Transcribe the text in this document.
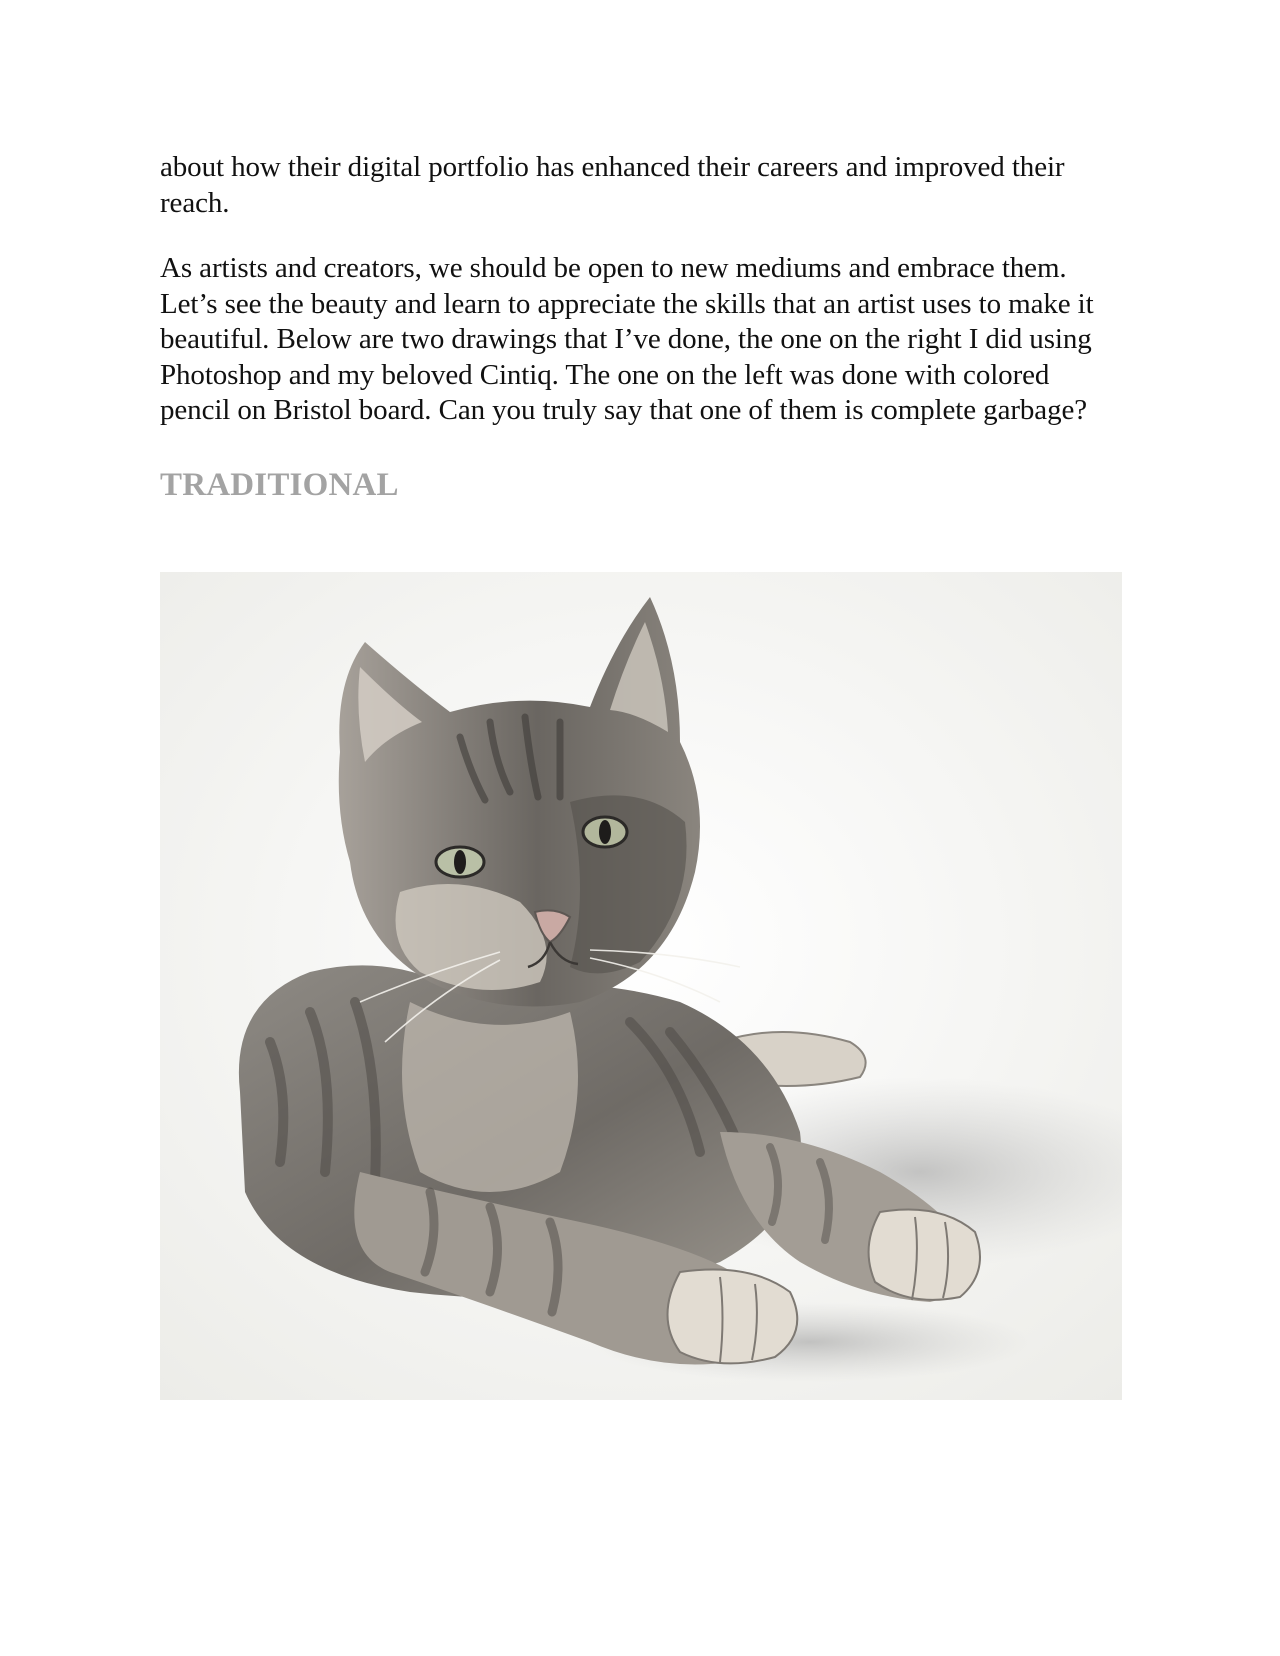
about how their digital portfolio has enhanced their careers and improved their reach.

As artists and creators, we should be open to new mediums and embrace them. Let’s see the beauty and learn to appreciate the skills that an artist uses to make it beautiful. Below are two drawings that I’ve done, the one on the right I did using Photoshop and my beloved Cintiq. The one on the left was done with colored pencil on Bristol board. Can you truly say that one of them is complete garbage?

TRADITIONAL
